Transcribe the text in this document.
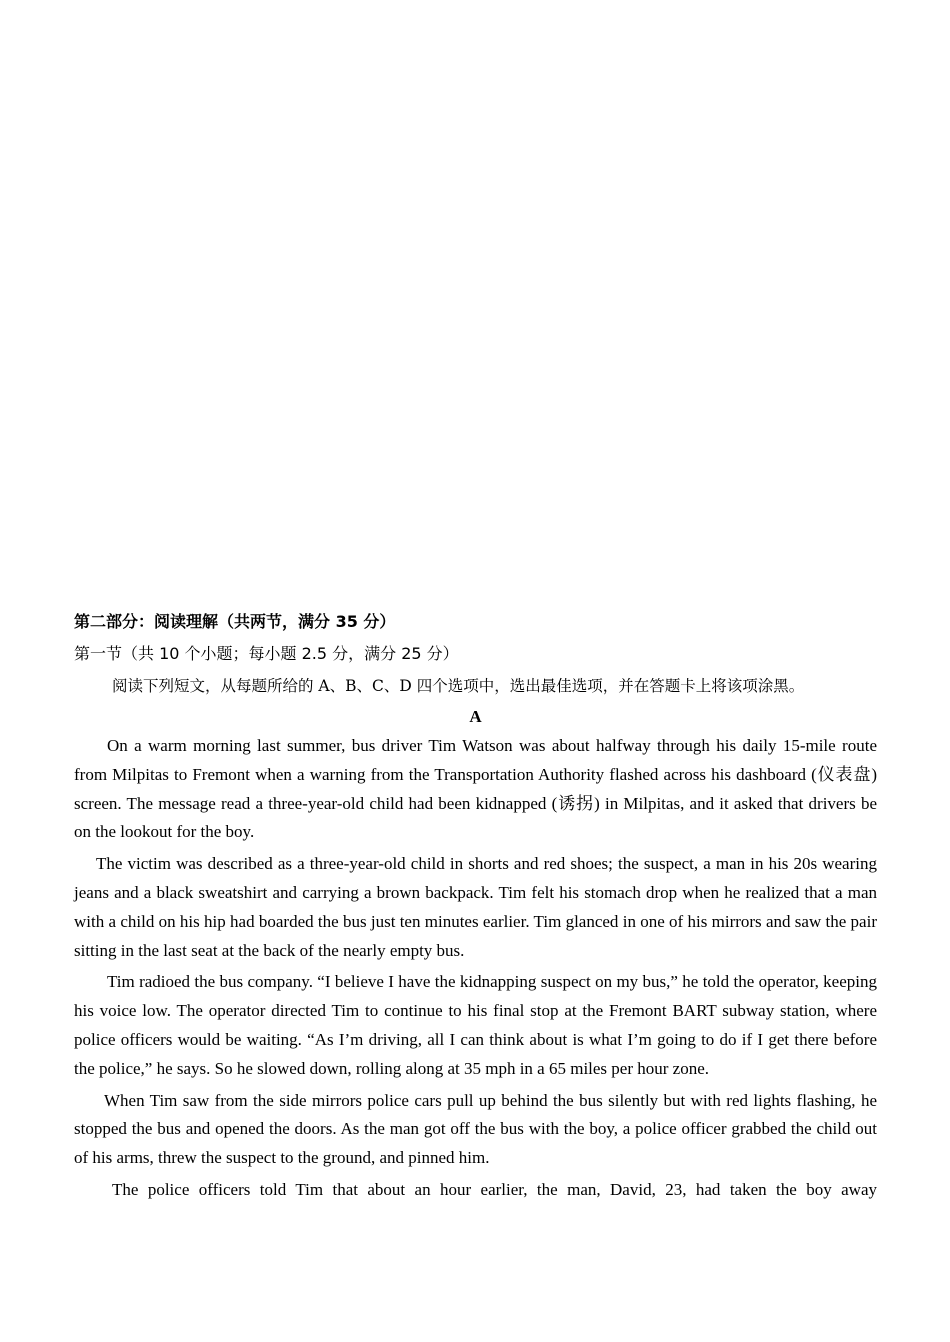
第二部分：阅读理解（共两节，满分 35 分）
第一节（共 10 个小题；每小题 2.5 分，满分 25 分）
阅读下列短文，从每题所给的 A、B、C、D 四个选项中，选出最佳选项，并在答题卡上将该项涂黑。
A

On a warm morning last summer, bus driver Tim Watson was about halfway through his daily 15-mile route from Milpitas to Fremont when a warning from the Transportation Authority flashed across his dashboard (仪表盘) screen. The message read a three-year-old child had been kidnapped (诱拐) in Milpitas, and it asked that drivers be on the lookout for the boy.

The victim was described as a three-year-old child in shorts and red shoes; the suspect, a man in his 20s wearing jeans and a black sweatshirt and carrying a brown backpack. Tim felt his stomach drop when he realized that a man with a child on his hip had boarded the bus just ten minutes earlier. Tim glanced in one of his mirrors and saw the pair sitting in the last seat at the back of the nearly empty bus.

Tim radioed the bus company. “I believe I have the kidnapping suspect on my bus,” he told the operator, keeping his voice low. The operator directed Tim to continue to his final stop at the Fremont BART subway station, where police officers would be waiting. “As I’m driving, all I can think about is what I’m going to do if I get there before the police,” he says. So he slowed down, rolling along at 35 mph in a 65 miles per hour zone.

When Tim saw from the side mirrors police cars pull up behind the bus silently but with red lights flashing, he stopped the bus and opened the doors. As the man got off the bus with the boy, a police officer grabbed the child out of his arms, threw the suspect to the ground, and pinned him.

The police officers told Tim that about an hour earlier, the man, David, 23, had taken the boy away
